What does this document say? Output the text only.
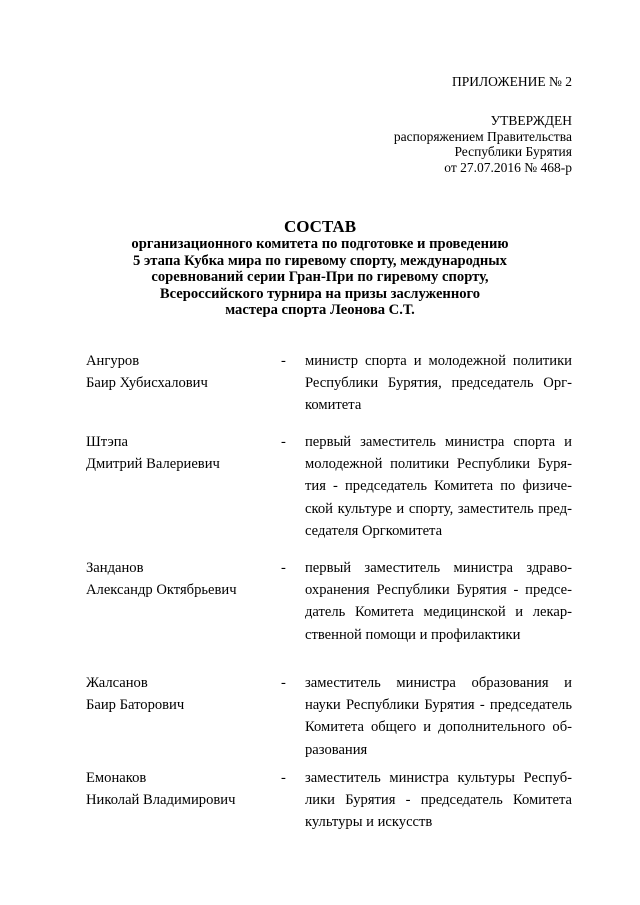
ПРИЛОЖЕНИЕ № 2
УТВЕРЖДЕН
распоряжением Правительства
Республики Бурятия
от 27.07.2016 № 468-р
СОСТАВ
организационного комитета по подготовке и проведению
5 этапа Кубка мира по гиревому спорту, международных
соревнований серии Гран-При по гиревому спорту,
Всероссийского турнира на призы заслуженного
мастера спорта Леонова С.Т.
Ангуров
Баир Хубисхалович
- министр спорта и молодежной политики
Республики Бурятия, председатель Орг-
комитета
Штэпа
Дмитрий Валериевич
- первый заместитель министра спорта и
молодежной политики Республики Буря-
тия - председатель Комитета по физиче-
ской культуре и спорту, заместитель пред-
седателя Оргкомитета
Занданов
Александр Октябрьевич
- первый заместитель министра здраво-
охранения Республики Бурятия - предсе-
датель Комитета медицинской и лекар-
ственной помощи и профилактики
Жалсанов
Баир Баторович
- заместитель министра образования и
науки Республики Бурятия - председатель
Комитета общего и дополнительного об-
разования
Емонаков
Николай Владимирович
- заместитель министра культуры Респуб-
лики Бурятия - председатель Комитета
культуры и искусств
